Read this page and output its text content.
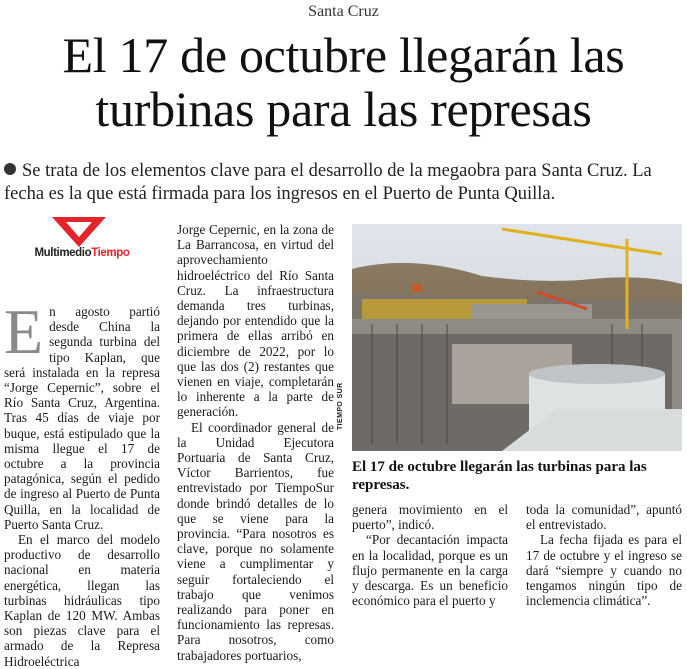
Santa Cruz
El 17 de octubre llegarán las
turbinas para las represas
Se trata de los elementos clave para el desarrollo de la megaobra para Santa Cruz. La fecha es la que está firmada para los ingresos en el Puerto de Punta Quilla.
MultimedioTiempo

En agosto partió desde China la segunda turbina del tipo Kaplan, que será instalada en la represa “Jorge Cepernic”, sobre el Río Santa Cruz, Argentina. Tras 45 días de viaje por buque, está estipulado que la misma llegue el 17 de octubre a la provincia patagónica, según el pedido de ingreso al Puerto de Punta Quilla, en la localidad de Puerto Santa Cruz.

En el marco del modelo productivo de desarrollo nacional en materia energética, llegan las turbinas hidráulicas tipo Kaplan de 120 MW. Ambas son piezas clave para el armado de la Represa Hidroeléctrica

Jorge Cepernic, en la zona de La Barrancosa, en virtud del aprovechamiento hidroeléctrico del Río Santa Cruz. La infraestructura demanda tres turbinas, dejando por entendido que la primera de ellas arribó en diciembre de 2022, por lo que las dos (2) restantes que vienen en viaje, completarán lo inherente a la parte de generación.

El coordinador general de la Unidad Ejecutora Portuaria de Santa Cruz, Víctor Barrientos, fue entrevistado por TiempoSur donde brindó detalles de lo que se viene para la provincia. “Para nosotros es clave, porque no solamente viene a cumplimentar y seguir fortaleciendo el trabajo que venimos realizando para poner en funcionamiento las represas. Para nosotros, como trabajadores portuarios,

TIEMPO SUR
El 17 de octubre llegarán las turbinas para las represas.

genera movimiento en el puerto”, indicó.

“Por decantación impacta en la localidad, porque es un flujo permanente en la carga y descarga. Es un beneficio económico para el puerto y

toda la comunidad”, apuntó el entrevistado.

La fecha fijada es para el 17 de octubre y el ingreso se dará “siempre y cuando no tengamos ningún tipo de inclemencia climática”.
